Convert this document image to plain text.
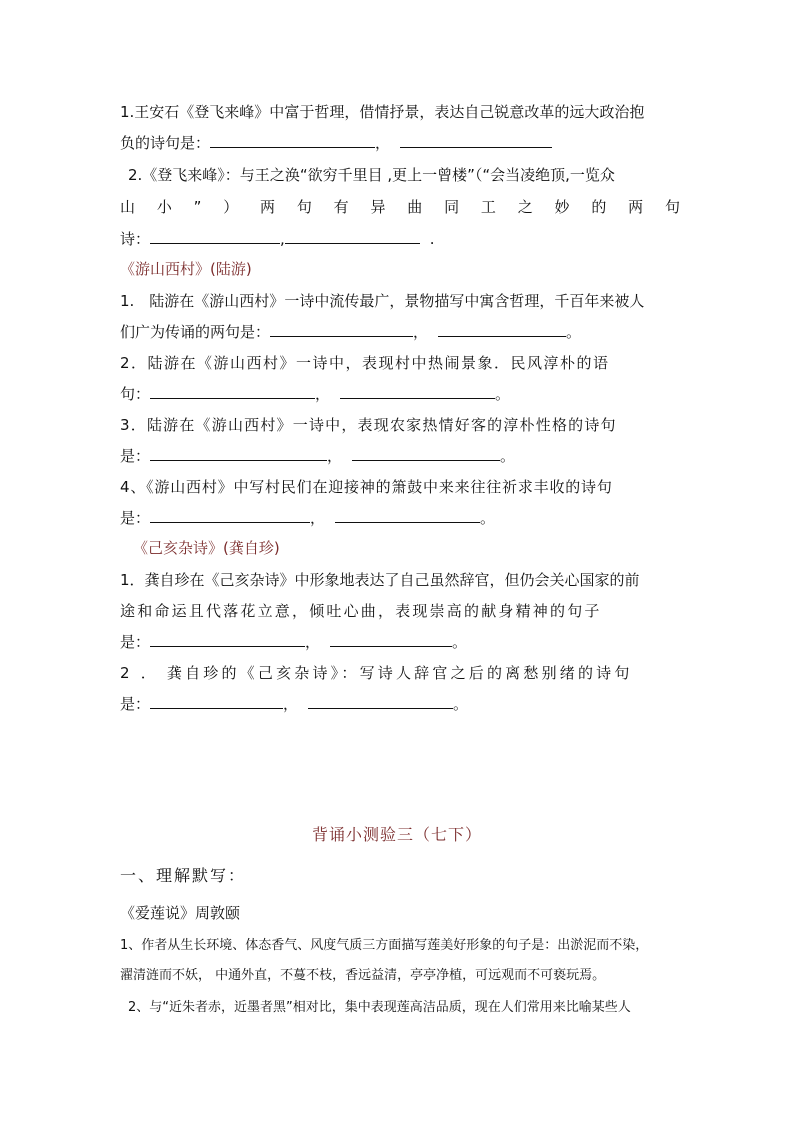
1.王安石《登飞来峰》中富于哲理，借情抒景，表达自己锐意改革的远大政治抱
负的诗句是：	，
2.《登飞来峰》：与王之涣“欲穷千里目 ,更上一曾楼”（“会当凌绝顶,一览众
山 小 ” ） 两 句 有 异 曲 同 工 之 妙 的 两 句
诗：	,	.
《游山西村》(陆游)
1.　陆游在《游山西村》一诗中流传最广，景物描写中寓含哲理，千百年来被人
们广为传诵的两句是：	，	。
2．陆游在《游山西村》一诗中，表现村中热闹景象．民风淳朴的语
句：	，	。
3．陆游在《游山西村》一诗中，表现农家热情好客的淳朴性格的诗句
是：	，	。
4、《游山西村》中写村民们在迎接神的箫鼓中来来往往祈求丰收的诗句
是：	，	。
《己亥杂诗》(龚自珍)
1．龚自珍在《己亥杂诗》中形象地表达了自己虽然辞官，但仍会关心国家的前
途和命运且代落花立意，倾吐心曲，表现崇高的献身精神的句子
是：	，	。
2 ． 龚自珍的《己亥杂诗》：写诗人辞官之后的离愁别绪的诗句
是：	，	。
背诵小测验三（七下）
一、理解默写：
《爱莲说》周敦颐
1、作者从生长环境、体态香气、风度气质三方面描写莲美好形象的句子是：出淤泥而不染，
濯清涟而不妖， 中通外直，不蔓不枝，香远益清，亭亭净植，可远观而不可亵玩焉。
2、与“近朱者赤，近墨者黑”相对比，集中表现莲高洁品质，现在人们常用来比喻某些人
